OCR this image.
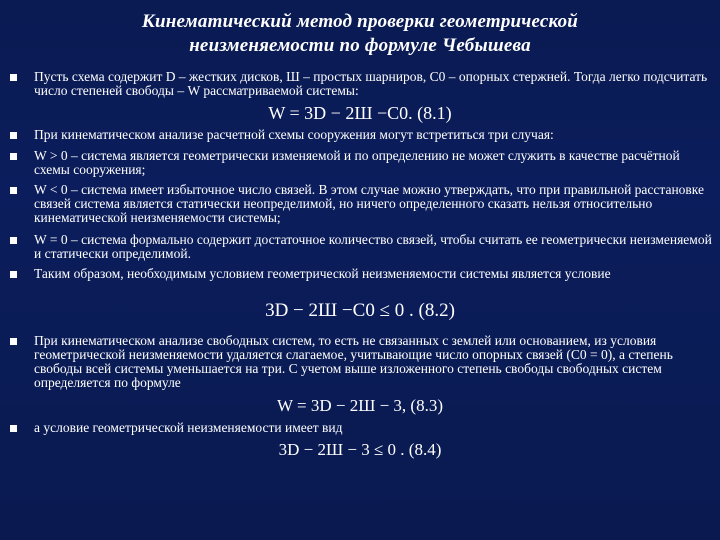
Кинематический метод проверки геометрической
неизменяемости по формуле Чебышева
Пусть схема содержит D – жестких дисков, Ш – простых шарниров, С0 – опорных стержней. Тогда легко подсчитать число степеней свободы – W рассматриваемой системы:
W = 3D − 2Ш −С0. (8.1)
При кинематическом анализе расчетной схемы сооружения могут встретиться три случая:
W > 0 – система является геометрически изменяемой и по определению не может служить в качестве расчётной схемы сооружения;
W < 0 – система имеет избыточное число связей. В этом случае можно утверждать, что при правильной расстановке связей система является статически неопределимой, но ничего определенного сказать нельзя относительно кинематической неизменяемости системы;
W = 0 – система формально содержит достаточное количество связей, чтобы считать ее геометрически неизменяемой и статически определимой.
Таким образом, необходимым условием геометрической неизменяемости системы является условие
3D − 2Ш −С0 ≤ 0 . (8.2)
При кинематическом анализе свободных систем, то есть не связанных с землей или основанием, из условия геометрической неизменяемости удаляется слагаемое, учитывающие число опорных связей (С0 = 0), а степень свободы всей системы уменьшается на три. С учетом выше изложенного степень свободы свободных систем определяется по формуле
W = 3D − 2Ш − 3, (8.3)
а условие геометрической неизменяемости имеет вид
3D − 2Ш − 3 ≤ 0 . (8.4)
